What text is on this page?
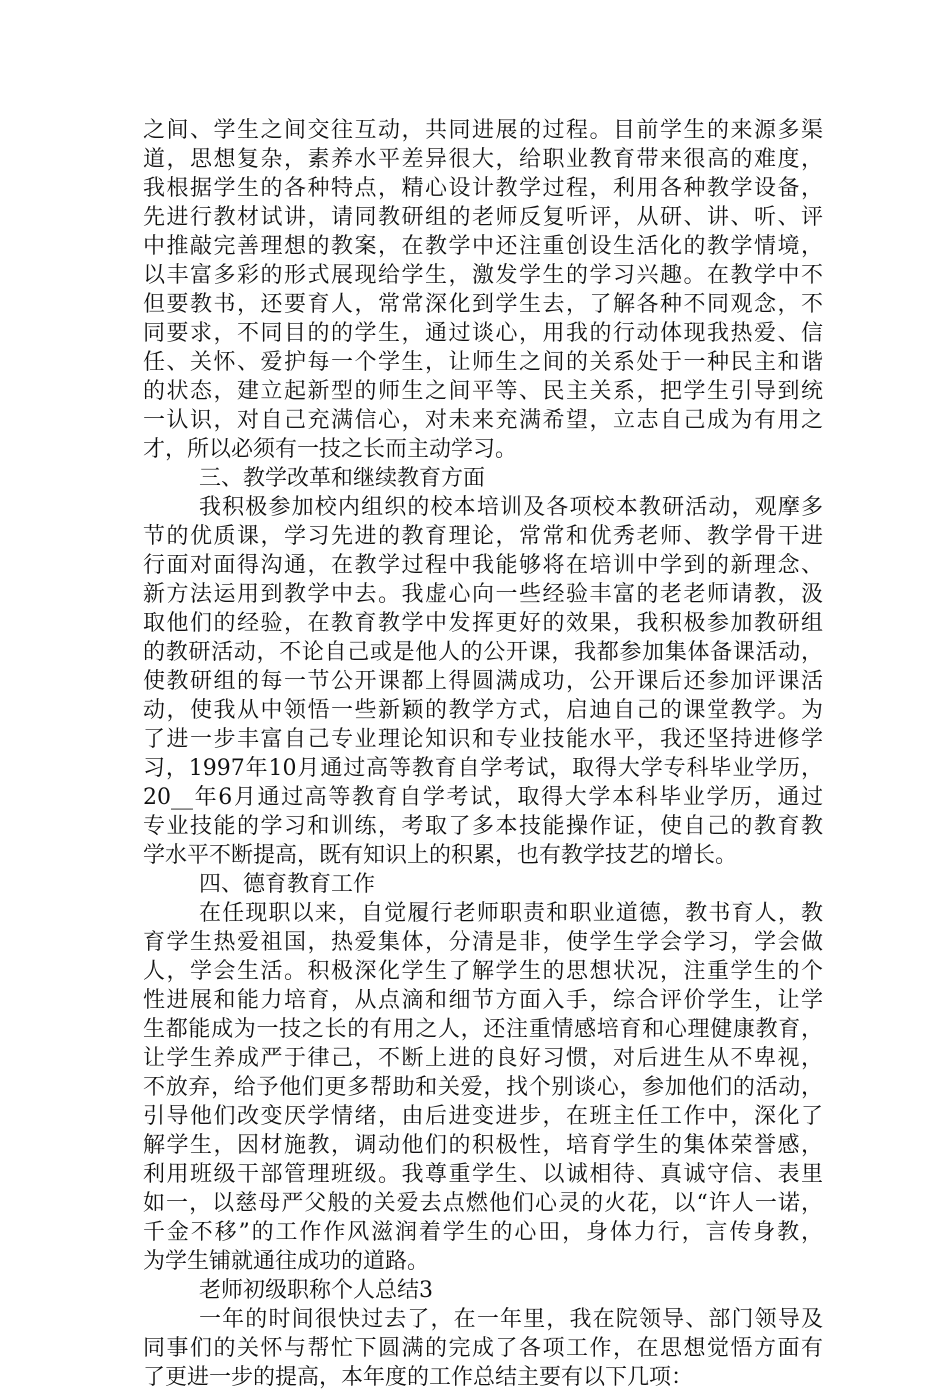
之间、学生之间交往互动，共同进展的过程。目前学生的来源多渠
道，思想复杂，素养水平差异很大，给职业教育带来很高的难度，
我根据学生的各种特点，精心设计教学过程，利用各种教学设备，
先进行教材试讲，请同教研组的老师反复听评，从研、讲、听、评
中推敲完善理想的教案，在教学中还注重创设生活化的教学情境，
以丰富多彩的形式展现给学生，激发学生的学习兴趣。在教学中不
但要教书，还要育人，常常深化到学生去，了解各种不同观念，不
同要求，不同目的的学生，通过谈心，用我的行动体现我热爱、信
任、关怀、爱护每一个学生，让师生之间的关系处于一种民主和谐
的状态，建立起新型的师生之间平等、民主关系，把学生引导到统
一认识，对自己充满信心，对未来充满希望，立志自己成为有用之
才，所以必须有一技之长而主动学习。
三、教学改革和继续教育方面
我积极参加校内组织的校本培训及各项校本教研活动，观摩多
节的优质课，学习先进的教育理论，常常和优秀老师、教学骨干进
行面对面得沟通，在教学过程中我能够将在培训中学到的新理念、
新方法运用到教学中去。我虚心向一些经验丰富的老老师请教，汲
取他们的经验，在教育教学中发挥更好的效果，我积极参加教研组
的教研活动，不论自己或是他人的公开课，我都参加集体备课活动，
使教研组的每一节公开课都上得圆满成功，公开课后还参加评课活
动，使我从中领悟一些新颖的教学方式，启迪自己的课堂教学。为
了进一步丰富自己专业理论知识和专业技能水平，我还坚持进修学
习，1997年10月通过高等教育自学考试，取得大学专科毕业学历，
20__年6月通过高等教育自学考试，取得大学本科毕业学历，通过
专业技能的学习和训练，考取了多本技能操作证，使自己的教育教
学水平不断提高，既有知识上的积累，也有教学技艺的增长。
四、德育教育工作
在任现职以来，自觉履行老师职责和职业道德，教书育人，教
育学生热爱祖国，热爱集体，分清是非，使学生学会学习，学会做
人，学会生活。积极深化学生了解学生的思想状况，注重学生的个
性进展和能力培育，从点滴和细节方面入手，综合评价学生，让学
生都能成为一技之长的有用之人，还注重情感培育和心理健康教育，
让学生养成严于律己，不断上进的良好习惯，对后进生从不卑视，
不放弃，给予他们更多帮助和关爱，找个别谈心，参加他们的活动，
引导他们改变厌学情绪，由后进变进步，在班主任工作中，深化了
解学生，因材施教，调动他们的积极性，培育学生的集体荣誉感，
利用班级干部管理班级。我尊重学生、以诚相待、真诚守信、表里
如一，以慈母严父般的关爱去点燃他们心灵的火花，以“许人一诺，
千金不移”的工作作风滋润着学生的心田，身体力行，言传身教，
为学生铺就通往成功的道路。
老师初级职称个人总结3
一年的时间很快过去了，在一年里，我在院领导、部门领导及
同事们的关怀与帮忙下圆满的完成了各项工作，在思想觉悟方面有
了更进一步的提高，本年度的工作总结主要有以下几项：
